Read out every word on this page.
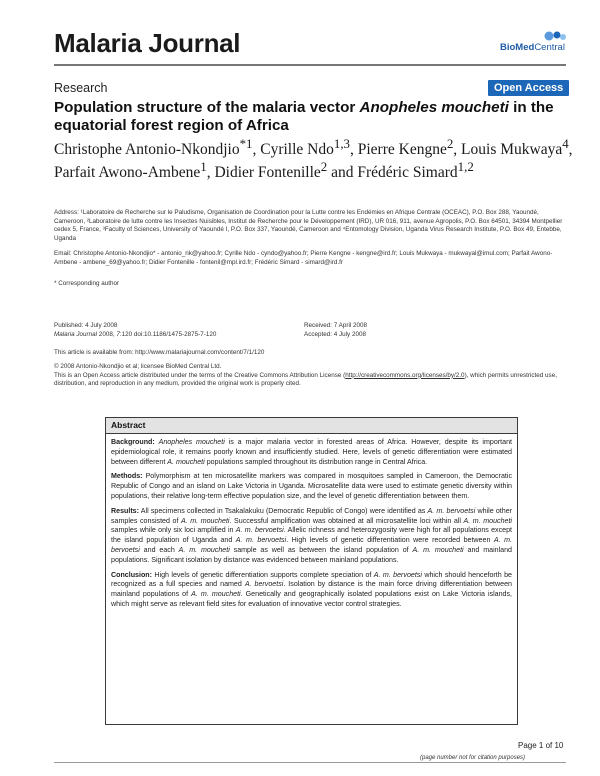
Malaria Journal	BioMedCentral
Research	Open Access
Population structure of the malaria vector Anopheles moucheti in the equatorial forest region of Africa
Christophe Antonio-Nkondjio$^{*1}$, Cyrille Ndo$^{1,3}$, Pierre Kengne$^2$, Louis Mukwaya$^4$, Parfait Awono-Ambene$^1$, Didier Fontenille$^2$ and Frédéric Simard$^{1,2}$
Address: ¹Laboratoire de Recherche sur le Paludisme, Organisation de Coordination pour la Lutte contre les Endémies en Afrique Centrale (OCEAC), P.O. Box 288, Yaoundé, Cameroon, ²Laboratoire de lutte contre les Insectes Nuisibles, Institut de Recherche pour le Développement (IRD), UR 016, 911, avenue Agropolis, P.O. Box 64501, 34394 Montpellier cedex 5, France, ³Faculty of Sciences, University of Yaoundé I, P.O. Box 337, Yaoundé, Cameroon and ⁴Entomology Division, Uganda Virus Research Institute, P.O. Box 49, Entebbe, Uganda
Email: Christophe Antonio-Nkondjio* - antonio_nk@yahoo.fr; Cyrille Ndo - cyndo@yahoo.fr; Pierre Kengne - kengne@ird.fr; Louis Mukwaya - mukwayal@imul.com; Parfait Awono-Ambene - ambene_69@yahoo.fr; Didier Fontenille - fontenil@mpl.ird.fr; Frédéric Simard - simard@ird.fr
* Corresponding author
Published: 4 July 2008
Malaria Journal 2008, 7:120 doi:10.1186/1475-2875-7-120
Received: 7 April 2008
Accepted: 4 July 2008
This article is available from: http://www.malariajournal.com/content/7/1/120
© 2008 Antonio-Nkondjio et al; licensee BioMed Central Ltd.
This is an Open Access article distributed under the terms of the Creative Commons Attribution License (http://creativecommons.org/licenses/by/2.0), which permits unrestricted use, distribution, and reproduction in any medium, provided the original work is properly cited.
Abstract

Background: Anopheles moucheti is a major malaria vector in forested areas of Africa. However, despite its important epidemiological role, it remains poorly known and insufficiently studied. Here, levels of genetic differentiation were estimated between different A. moucheti populations sampled throughout its distribution range in Central Africa.

Methods: Polymorphism at ten microsatellite markers was compared in mosquitoes sampled in Cameroon, the Democratic Republic of Congo and an island on Lake Victoria in Uganda. Microsatellite data were used to estimate genetic diversity within populations, their relative long-term effective population size, and the level of genetic differentiation between them.

Results: All specimens collected in Tsakalakuku (Democratic Republic of Congo) were identified as A. m. bervoetsi while other samples consisted of A. m. moucheti. Successful amplification was obtained at all microsatellite loci within all A. m. moucheti samples while only six loci amplified in A. m. bervoetsi. Allelic richness and heterozygosity were high for all populations except the island population of Uganda and A. m. bervoetsi. High levels of genetic differentiation were recorded between A. m. bervoetsi and each A. m. moucheti sample as well as between the island population of A. m. moucheti and mainland populations. Significant isolation by distance was evidenced between mainland populations.

Conclusion: High levels of genetic differentiation supports complete speciation of A. m. bervoetsi which should henceforth be recognized as a full species and named A. bervoetsi. Isolation by distance is the main force driving differentiation between mainland populations of A. m. moucheti. Genetically and geographically isolated populations exist on Lake Victoria islands, which might serve as relevant field sites for evaluation of innovative vector control strategies.

Page 1 of 10
(page number not for citation purposes)
